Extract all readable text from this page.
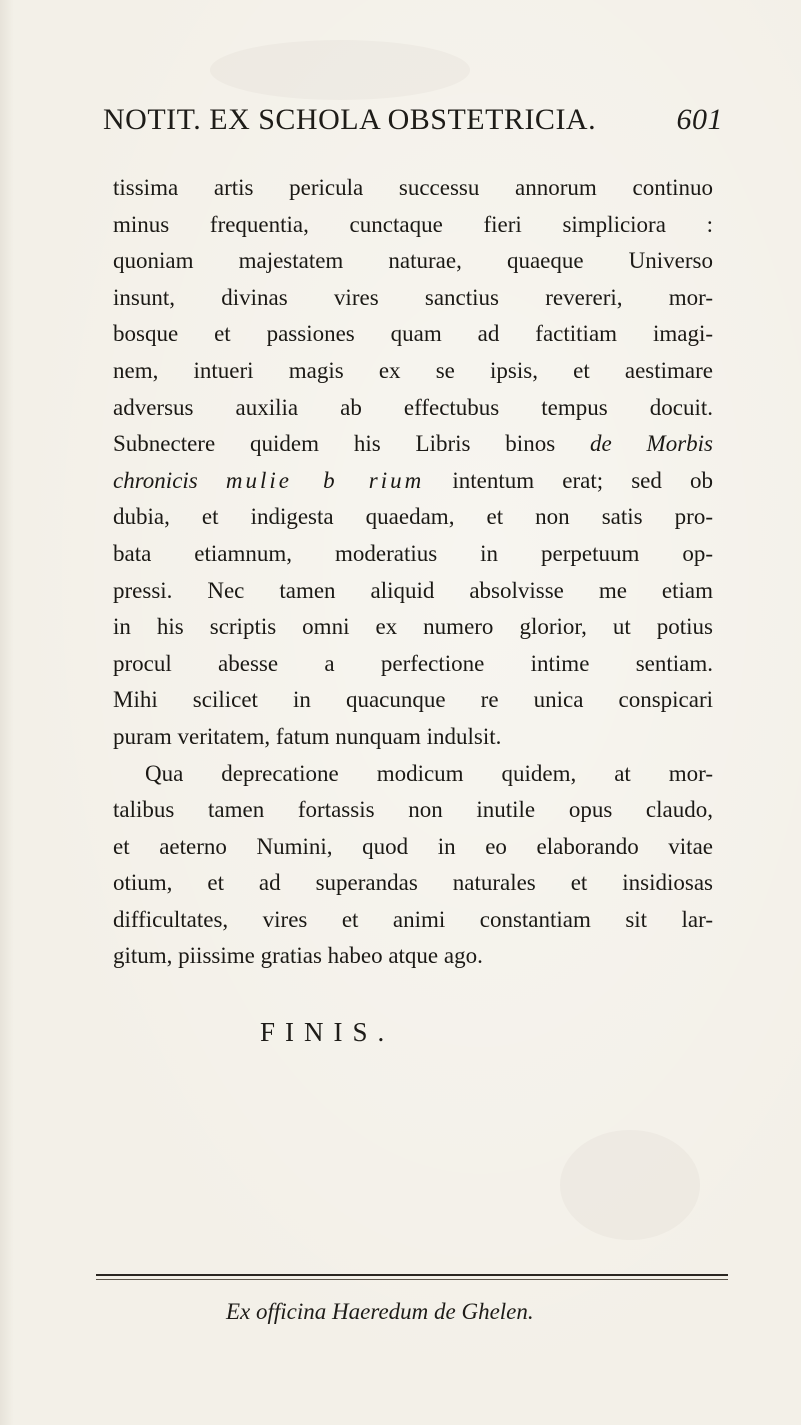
NOTIT. EX SCHOLA OBSTETRICIA.	601
tissima artis pericula successu annorum continuo
minus frequentia, cunctaque fieri simpliciora :
quoniam majestatem naturae, quaeque Universo
insunt, divinas vires sanctius revereri, mor-
bosque et passiones quam ad factitiam imagi-
nem, intueri magis ex se ipsis, et aestimare
adversus auxilia ab effectubus tempus docuit.
Subnectere quidem his Libris binos de Morbis
chronicis mulie b rium intentum erat; sed ob
dubia, et indigesta quaedam, et non satis pro-
bata etiamnum, moderatius in perpetuum op-
pressi. Nec tamen aliquid absolvisse me etiam
in his scriptis omni ex numero glorior, ut potius
procul abesse a perfectione intime sentiam.
Mihi scilicet in quacunque re unica conspicari
puram veritatem, fatum nunquam indulsit.
Qua deprecatione modicum quidem, at mor-
talibus tamen fortassis non inutile opus claudo,
et aeterno Numini, quod in eo elaborando vitae
otium, et ad superandas naturales et insidiosas
difficultates, vires et animi constantiam sit lar-
gitum, piissime gratias habeo atque ago.
FINIS.
Ex officina Haeredum de Ghelen.
